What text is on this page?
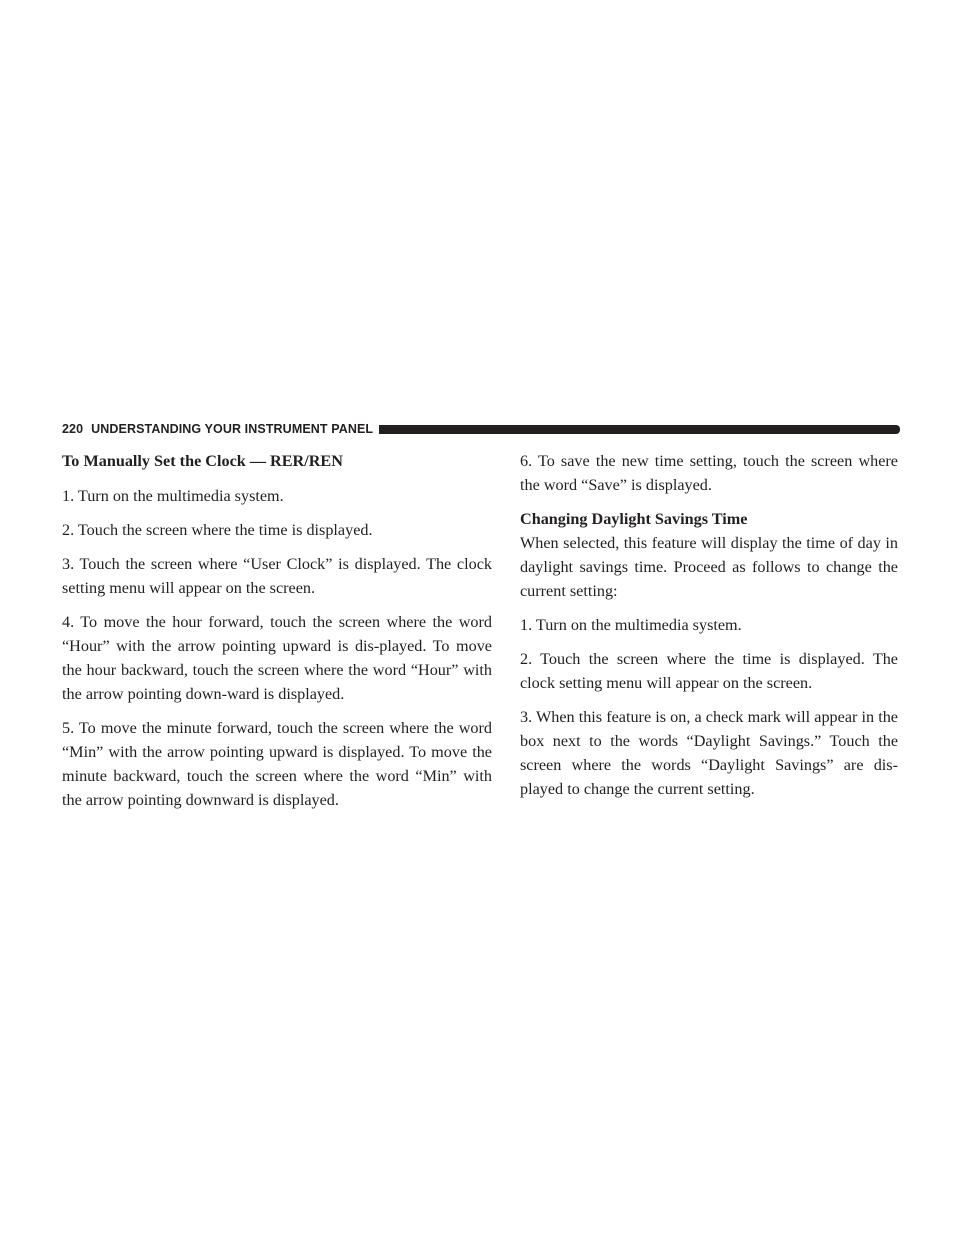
220 UNDERSTANDING YOUR INSTRUMENT PANEL
To Manually Set the Clock — RER/REN

1. Turn on the multimedia system.

2. Touch the screen where the time is displayed.

3. Touch the screen where “User Clock” is displayed. The clock setting menu will appear on the screen.

4. To move the hour forward, touch the screen where the word “Hour” with the arrow pointing upward is dis-played. To move the hour backward, touch the screen where the word “Hour” with the arrow pointing down-ward is displayed.

5. To move the minute forward, touch the screen where the word “Min” with the arrow pointing upward is displayed. To move the minute backward, touch the screen where the word “Min” with the arrow pointing downward is displayed.

6. To save the new time setting, touch the screen where the word “Save” is displayed.

Changing Daylight Savings Time

When selected, this feature will display the time of day in daylight savings time. Proceed as follows to change the current setting:

1. Turn on the multimedia system.

2. Touch the screen where the time is displayed. The clock setting menu will appear on the screen.

3. When this feature is on, a check mark will appear in the box next to the words “Daylight Savings.” Touch the screen where the words “Daylight Savings” are dis-played to change the current setting.
